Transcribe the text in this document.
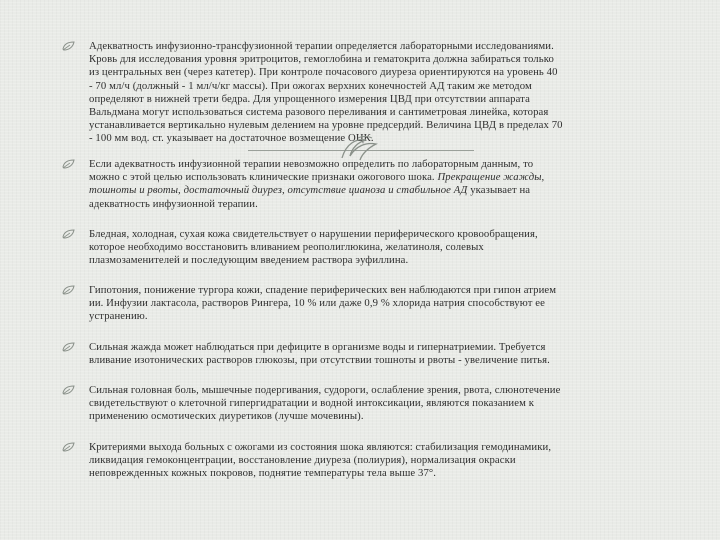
Адекватность инфузионно-трансфузионной терапии определяется лабораторными исследованиями.
Кровь для исследования уровня эритроцитов, гемоглобина и гематокрита должна забираться только
из центральных вен (через катетер). При контроле почасового диуреза ориентируются на уровень 40
- 70 мл/ч (должный - 1 мл/ч/кг массы). При ожогах верхних конечностей АД таким же методом
определяют в нижней трети бедра. Для упрощенного измерения ЦВД при отсутствии аппарата
Вальдмана могут использоваться система разового переливания и сантиметровая линейка, которая
устанавливается вертикально нулевым делением на уровне предсердий. Величина ЦВД в пределах 70
- 100 мм вод. ст. указывает на достаточное возмещение ОЦК.

Если адекватность инфузионной терапии невозможно определить по лабораторным данным, то
можно с этой целью использовать клинические признаки ожогового шока. Прекращение жажды,
тошноты и рвоты, достаточный диурез, отсутствие цианоза и стабильное АД указывает на
адекватность инфузионной терапии.

Бледная, холодная, сухая кожа свидетельствует о нарушении периферического кровообращения,
которое необходимо восстановить вливанием реополиглюкина, желатиноля, солевых
плазмозаменителей и последующим введением раствора эуфиллина.

Гипотония, понижение тургора кожи, спадение периферических вен наблюдаются при гипон атрием
ии. Инфузии лактасола, растворов Рингера, 10 % или даже 0,9 % хлорида натрия способствуют ее
устранению.

Сильная жажда может наблюдаться при дефиците в организме воды и гипернатриемии. Требуется
вливание изотонических растворов глюкозы, при отсутствии тошноты и рвоты - увеличение питья.

Сильная головная боль, мышечные подергивания, судороги, ослабление зрения, рвота, слюнотечение
свидетельствуют о клеточной гипергидратации и водной интоксикации, являются показанием к
применению осмотических диуретиков (лучше мочевины).

Критериями выхода больных с ожогами из состояния шока являются: стабилизация гемодинамики,
ликвидация гемоконцентрации, восстановление диуреза (полиурия), нормализация окраски
неповрежденных кожных покровов, поднятие температуры тела выше 37°.
